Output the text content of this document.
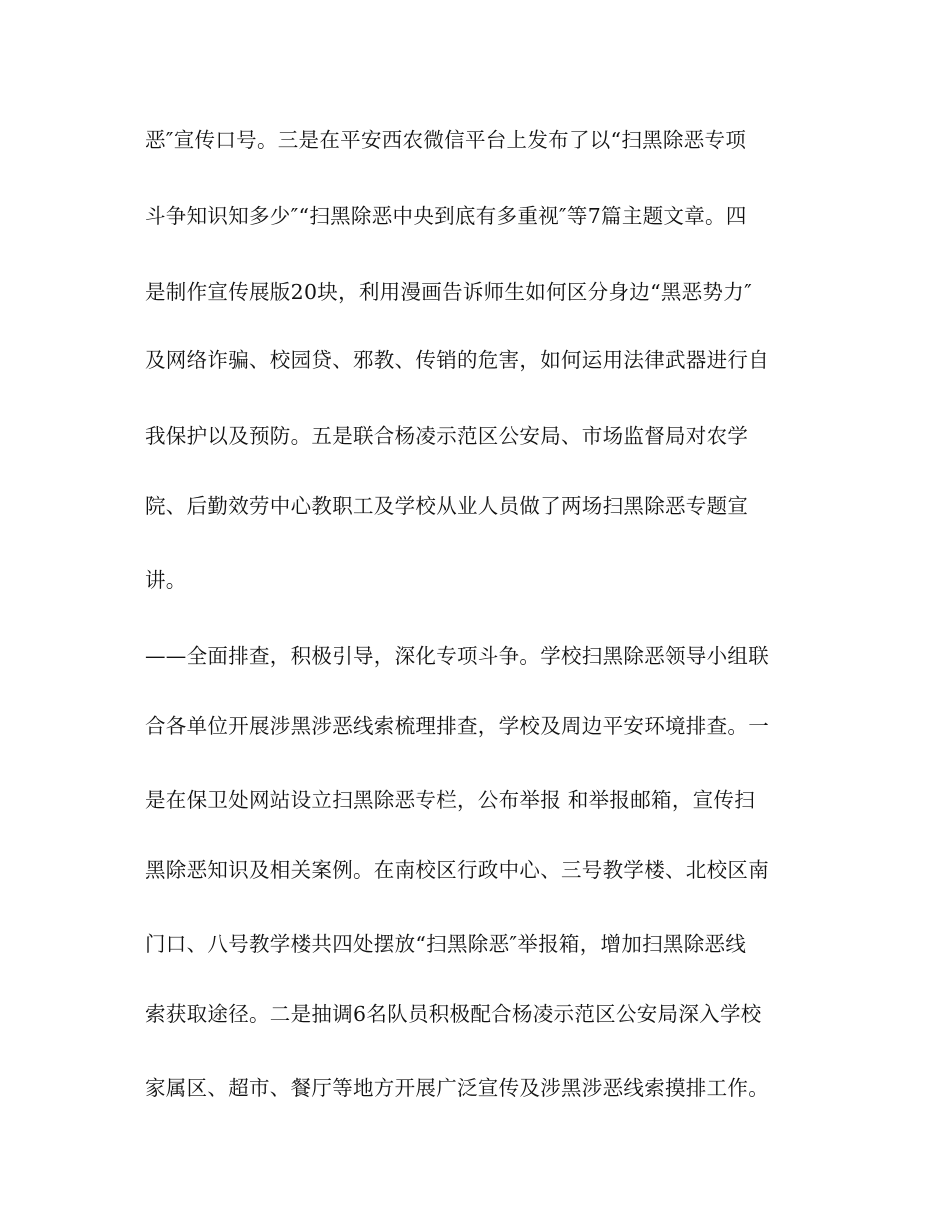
恶″宣传口号。三是在平安西农微信平台上发布了以“扫黑除恶专项
斗争知识知多少″“扫黑除恶中央到底有多重视″等7篇主题文章。四
是制作宣传展版20块，利用漫画告诉师生如何区分身边“黑恶势力″
及网络诈骗、校园贷、邪教、传销的危害，如何运用法律武器进行自
我保护以及预防。五是联合杨凌示范区公安局、市场监督局对农学
院、后勤效劳中心教职工及学校从业人员做了两场扫黑除恶专题宣
讲。
——全面排查，积极引导，深化专项斗争。学校扫黑除恶领导小组联
合各单位开展涉黑涉恶线索梳理排查，学校及周边平安环境排查。一
是在保卫处网站设立扫黑除恶专栏，公布举报 和举报邮箱，宣传扫
黑除恶知识及相关案例。在南校区行政中心、三号教学楼、北校区南
门口、八号教学楼共四处摆放“扫黑除恶″举报箱，增加扫黑除恶线
索获取途径。二是抽调6名队员积极配合杨凌示范区公安局深入学校
家属区、超市、餐厅等地方开展广泛宣传及涉黑涉恶线索摸排工作。
